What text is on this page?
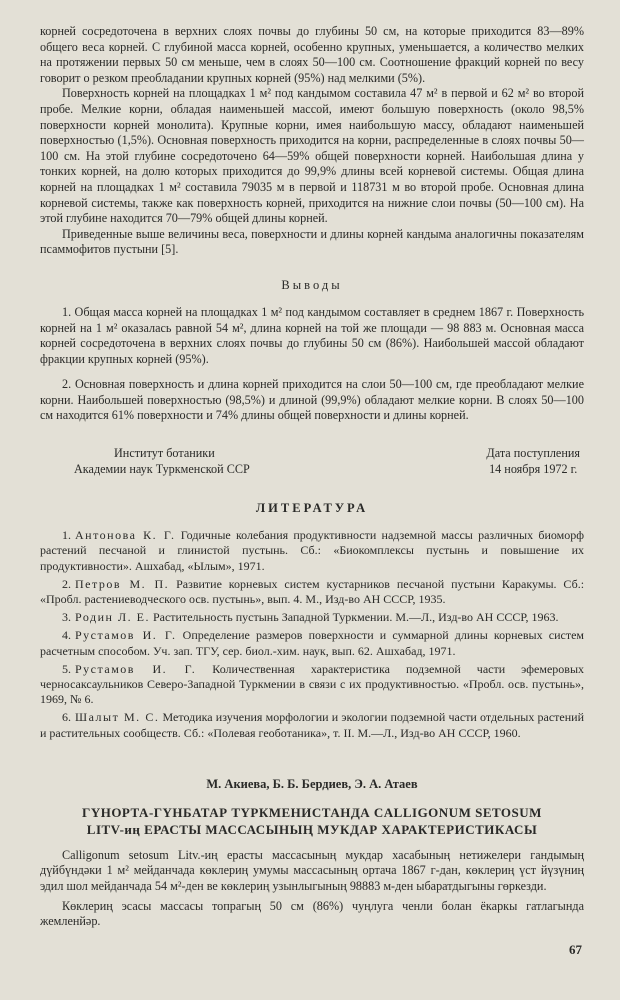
корней сосредоточена в верхних слоях почвы до глубины 50 см, на которые приходится 83—89% общего веса корней. С глубиной масса корней, особенно крупных, уменьшается, а количество мелких на протяжении первых 50 см меньше, чем в слоях 50—100 см. Соотношение фракций корней по весу говорит о резком преобладании крупных корней (95%) над мелкими (5%).

Поверхность корней на площадках 1 м² под кандымом составила 47 м² в первой и 62 м² во второй пробе. Мелкие корни, обладая наименьшей массой, имеют большую поверхность (около 98,5% поверхности корней монолита). Крупные корни, имея наибольшую массу, обладают наименьшей поверхностью (1,5%). Основная поверхность приходится на корни, распределенные в слоях почвы 50—100 см. На этой глубине сосредоточено 64—59% общей поверхности корней. Наибольшая длина у тонких корней, на долю которых приходится до 99,9% длины всей корневой системы. Общая длина корней на площадках 1 м² составила 79035 м в первой и 118731 м во второй пробе. Основная длина корневой системы, также как поверхность корней, приходится на нижние слои почвы (50—100 см). На этой глубине находится 70—79% общей длины корней.

Приведенные выше величины веса, поверхности и длины корней кандыма аналогичны показателям псаммофитов пустыни [5].

Выводы

1. Общая масса корней на площадках 1 м² под кандымом составляет в среднем 1867 г. Поверхность корней на 1 м² оказалась равной 54 м², длина корней на той же площади — 98 883 м. Основная масса корней сосредоточена в верхних слоях почвы до глубины 50 см (86%). Наибольшей массой обладают фракции крупных корней (95%).

2. Основная поверхность и длина корней приходится на слои 50—100 см, где преобладают мелкие корни. Наибольшей поверхностью (98,5%) и длиной (99,9%) обладают мелкие корни. В слоях 50—100 см находится 61% поверхности и 74% длины общей поверхности и длины корней.

Институт ботаники
Академии наук Туркменской ССР
Дата поступления
14 ноября 1972 г.
ЛИТЕРАТУРА

1. Антонова К. Г. Годичные колебания продуктивности надземной массы различных биоморф растений песчаной и глинистой пустынь. Сб.: «Биокомплексы пустынь и повышение их продуктивности». Ашхабад, «Ылым», 1971.

2. Петров М. П. Развитие корневых систем кустарников песчаной пустыни Каракумы. Сб.: «Пробл. растениеводческого осв. пустынь», вып. 4. М., Изд-во АН СССР, 1935.

3. Родин Л. Е. Растительность пустынь Западной Туркмении. М.—Л., Изд-во АН СССР, 1963.

4. Рустамов И. Г. Определение размеров поверхности и суммарной длины корневых систем расчетным способом. Уч. зап. ТГУ, сер. биол.-хим. наук, вып. 62. Ашхабад, 1971.

5. Рустамов И. Г. Количественная характеристика подземной части эфемеровых черносаксаульников Северо-Западной Туркмении в связи с их продуктивностью. «Пробл. осв. пустынь», 1969, № 6.

6. Шалыт М. С. Методика изучения морфологии и экологии подземной части отдельных растений и растительных сообществ. Сб.: «Полевая геоботаника», т. II. М.—Л., Изд-во АН СССР, 1960.

М. Акиева, Б. Б. Бердиев, Э. А. Атаев
ГҮНОРТА-ГҮНБАТАР ТҮРКМЕНИСТАНДА CALLIGONUM SETOSUM
LITV-иң ЕРАСТЫ МАССАСЫНЫҢ МУКДАР ХАРАКТЕРИСТИКАСЫ

Calligonum setosum Litv.-иң ерасты массасының мукдар хасабының нетижелери гандымың дүйбүндәки 1 м² мейданчада көклериң умумы массасының ортача 1867 г-дан, көклериң үст йүзүниң эдил шол мейданчада 54 м²-ден ве көклериң узынлыгының 98883 м-ден ыбаратдыгыны гөркезди.

Көклериң эсасы массасы топрагың 50 см (86%) чуңлуга ченли болан ёкаркы гатлагында жемленйәр.

67
